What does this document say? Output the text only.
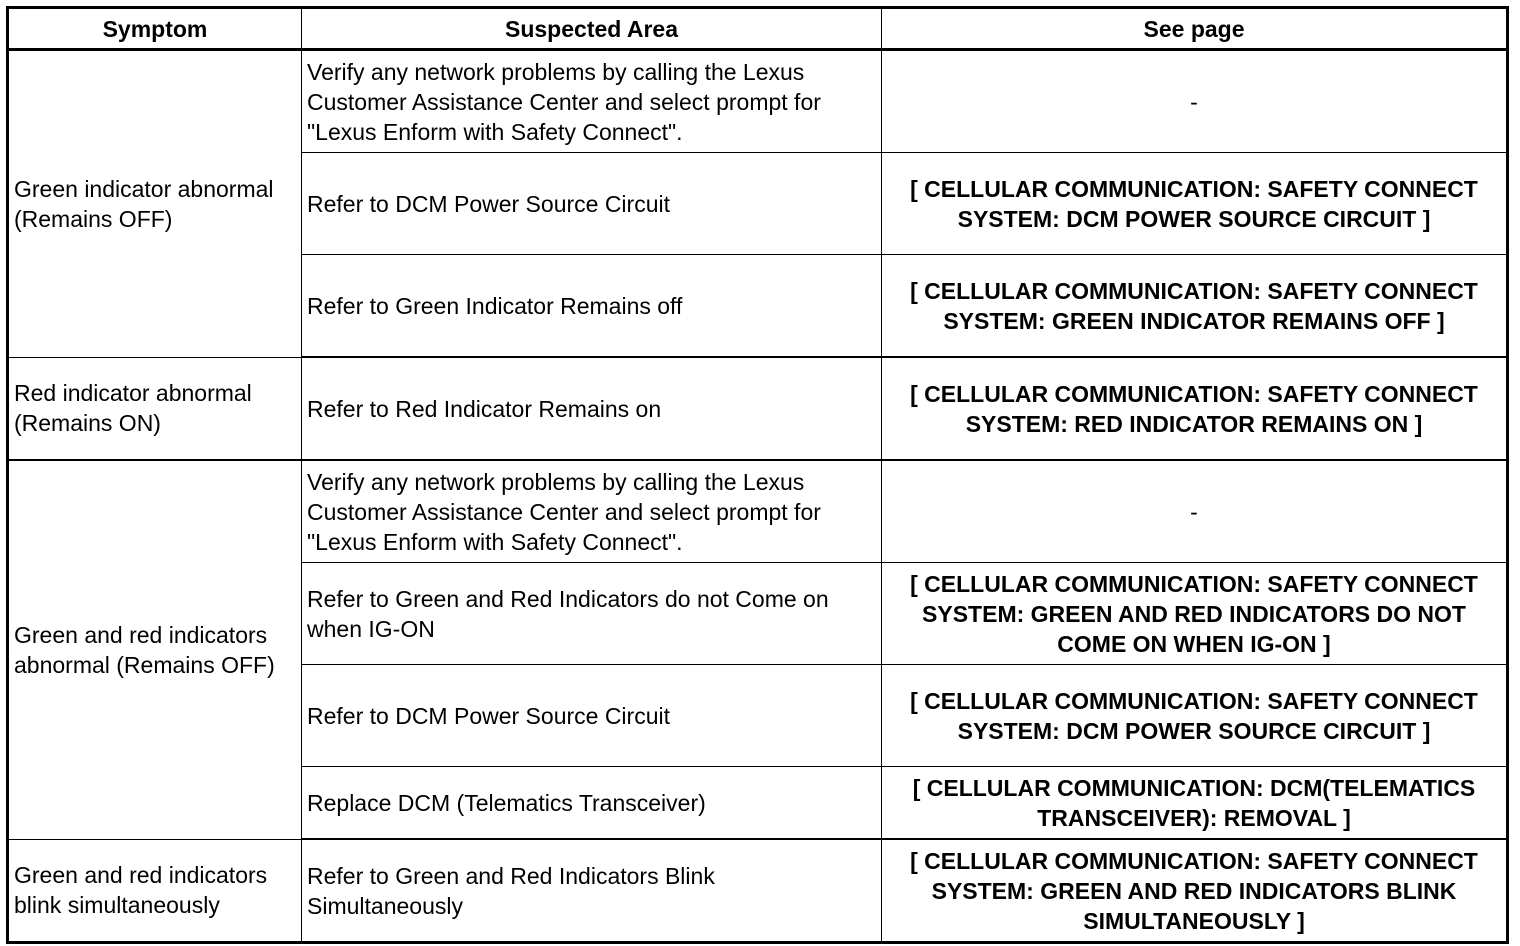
Symptom	Suspected Area	See page
Green indicator abnormal (Remains OFF)	Verify any network problems by calling the Lexus Customer Assistance Center and select prompt for "Lexus Enform with Safety Connect".	-
	Refer to DCM Power Source Circuit	[ CELLULAR COMMUNICATION: SAFETY CONNECT SYSTEM: DCM POWER SOURCE CIRCUIT ]
	Refer to Green Indicator Remains off	[ CELLULAR COMMUNICATION: SAFETY CONNECT SYSTEM: GREEN INDICATOR REMAINS OFF ]
Red indicator abnormal (Remains ON)	Refer to Red Indicator Remains on	[ CELLULAR COMMUNICATION: SAFETY CONNECT SYSTEM: RED INDICATOR REMAINS ON ]
Green and red indicators abnormal (Remains OFF)	Verify any network problems by calling the Lexus Customer Assistance Center and select prompt for "Lexus Enform with Safety Connect".	-
	Refer to Green and Red Indicators do not Come on when IG-ON	[ CELLULAR COMMUNICATION: SAFETY CONNECT SYSTEM: GREEN AND RED INDICATORS DO NOT COME ON WHEN IG-ON ]
	Refer to DCM Power Source Circuit	[ CELLULAR COMMUNICATION: SAFETY CONNECT SYSTEM: DCM POWER SOURCE CIRCUIT ]
	Replace DCM (Telematics Transceiver)	[ CELLULAR COMMUNICATION: DCM(TELEMATICS TRANSCEIVER): REMOVAL ]
Green and red indicators blink simultaneously	Refer to Green and Red Indicators Blink Simultaneously	[ CELLULAR COMMUNICATION: SAFETY CONNECT SYSTEM: GREEN AND RED INDICATORS BLINK SIMULTANEOUSLY ]
